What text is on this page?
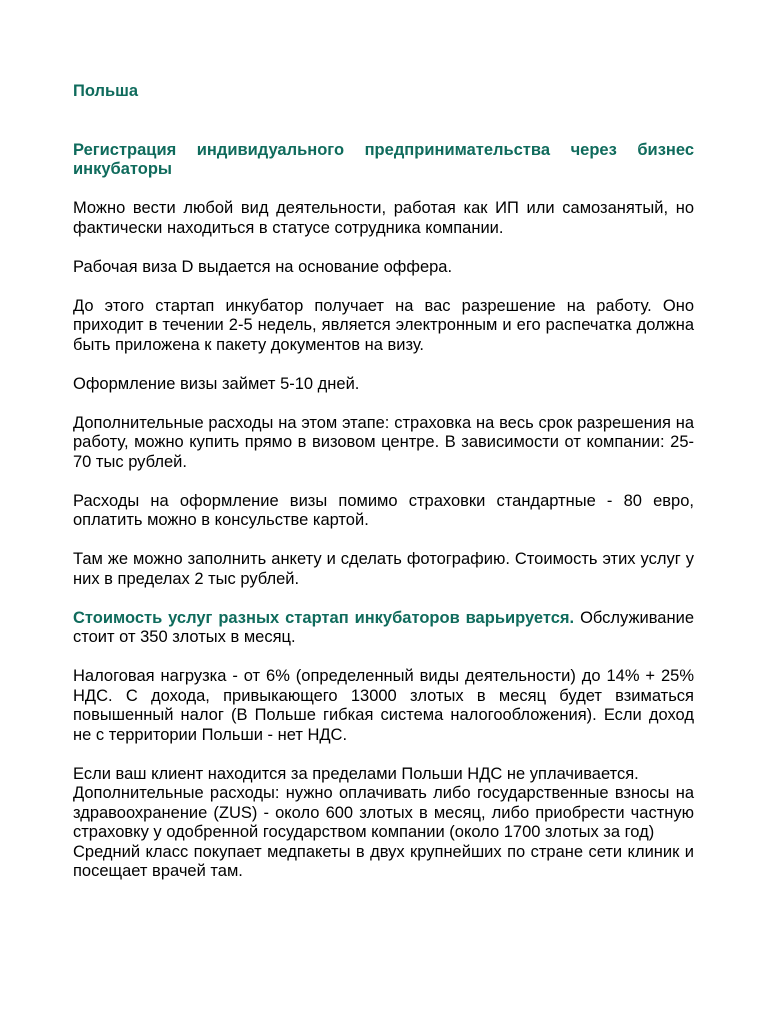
Польша

Регистрация индивидуального предпринимательства через бизнес инкубаторы

Можно вести любой вид деятельности, работая как ИП или самозанятый, но фактически находиться в статусе сотрудника компании.

Рабочая виза D выдается на основание оффера.

До этого стартап инкубатор получает на вас разрешение на работу. Оно приходит в течении 2-5 недель, является электронным и его распечатка должна быть приложена к пакету документов на визу.

Оформление визы займет 5-10 дней.

Дополнительные расходы на этом этапе: страховка на весь срок разрешения на работу, можно купить прямо в визовом центре. В зависимости от компании: 25-70 тыс рублей.

Расходы на оформление визы помимо страховки стандартные - 80 евро, оплатить можно в консульстве картой.

Там же можно заполнить анкету и сделать фотографию. Стоимость этих услуг у них в пределах 2 тыс рублей.

Стоимость услуг разных стартап инкубаторов варьируется. Обслуживание стоит от 350 злотых в месяц.

Налоговая нагрузка - от 6% (определенный виды деятельности) до 14% + 25% НДС. С дохода, привыкающего 13000 злотых в месяц будет взиматься повышенный налог (В Польше гибкая система налогообложения). Если доход не с территории Польши - нет НДС.

Если ваш клиент находится за пределами Польши НДС не уплачивается.

Дополнительные расходы: нужно оплачивать либо государственные взносы на здравоохранение (ZUS) - около 600 злотых в месяц, либо приобрести частную страховку у одобренной государством компании (около 1700 злотых за год)

Средний класс покупает медпакеты в двух крупнейших по стране сети клиник и посещает врачей там.
